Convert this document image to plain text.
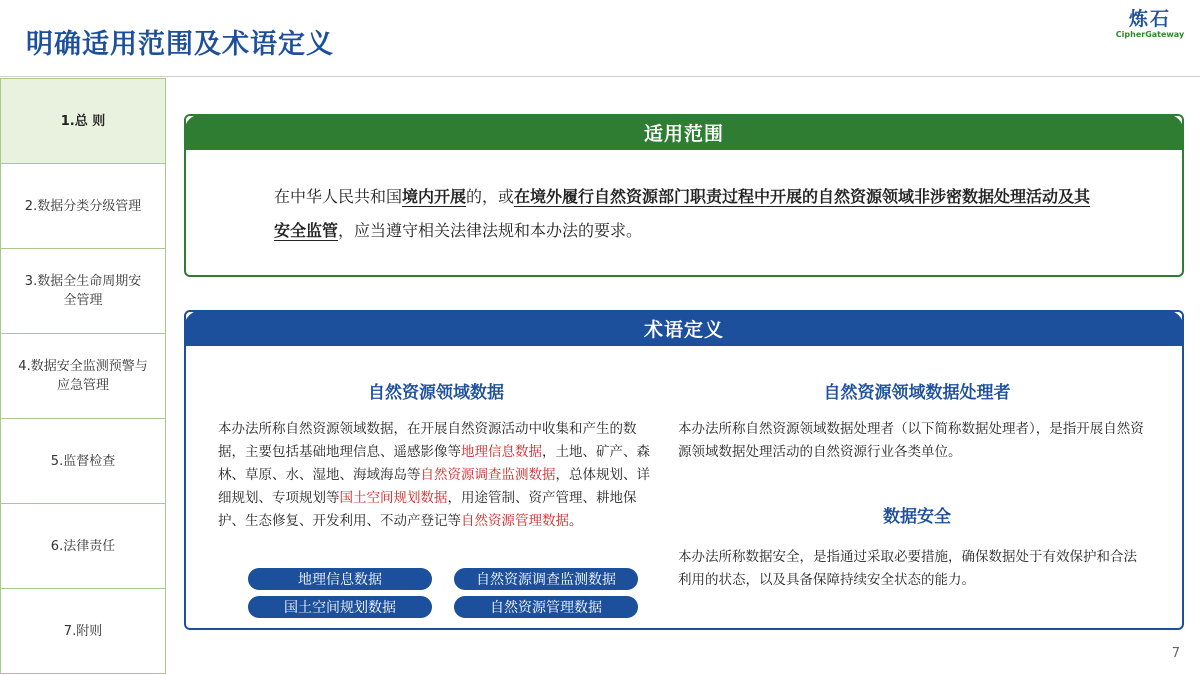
明确适用范围及术语定义
炼石
CipherGateway
1.总 则
2.数据分类分级管理
3.数据全生命周期安全管理
4.数据安全监测预警与应急管理
5.监督检查
6.法律责任
7.附则
适用范围
在中华人民共和国境内开展的，或在境外履行自然资源部门职责过程中开展的自然资源领域非涉密数据处理活动及其安全监管，应当遵守相关法律法规和本办法的要求。
术语定义
自然资源领域数据
本办法所称自然资源领域数据，在开展自然资源活动中收集和产生的数据，主要包括基础地理信息、遥感影像等地理信息数据，土地、矿产、森林、草原、水、湿地、海域海岛等自然资源调查监测数据，总体规划、详细规划、专项规划等国土空间规划数据，用途管制、资产管理、耕地保护、生态修复、开发利用、不动产登记等自然资源管理数据。
地理信息数据	自然资源调查监测数据
国土空间规划数据	自然资源管理数据
自然资源领域数据处理者
本办法所称自然资源领域数据处理者（以下简称数据处理者），是指开展自然资源领域数据处理活动的自然资源行业各类单位。
数据安全
本办法所称数据安全，是指通过采取必要措施，确保数据处于有效保护和合法利用的状态，以及具备保障持续安全状态的能力。
7
